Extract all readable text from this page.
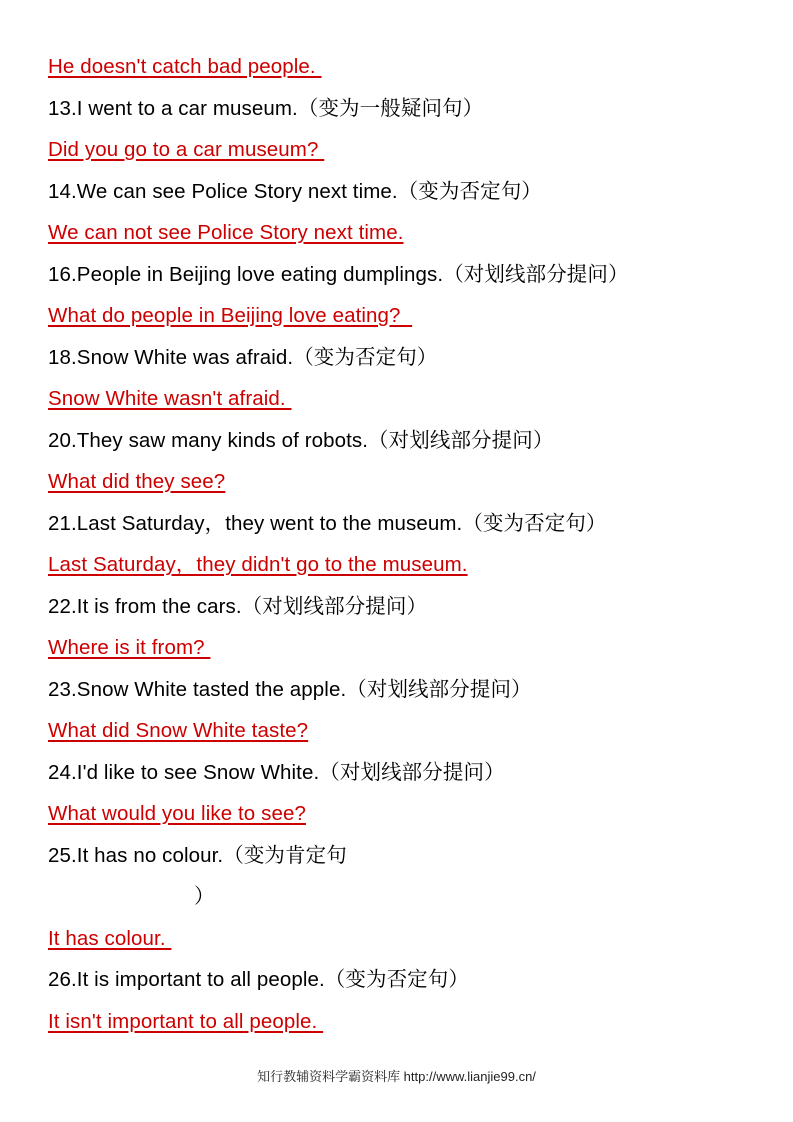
He doesn't catch bad people.
13.I went to a car museum.（变为一般疑问句）
Did you go to a car museum?
14.We can see Police Story next time.（变为否定句）
We can not see Police Story next time.
16.People in Beijing love eating dumplings.（对划线部分提问）
What do people in Beijing love eating?
18.Snow White was afraid.（变为否定句）
Snow White wasn't afraid.
20.They saw many kinds of robots.（对划线部分提问）
What did they see?
21.Last Saturday，they went to the museum.（变为否定句）
Last Saturday，they didn't go to the museum.
22.It is from the cars.（对划线部分提问）
Where is it from?
23.Snow White tasted the apple.（对划线部分提问）
What did Snow White taste?
24.I'd like to see Snow White.（对划线部分提问）
What would you like to see?
25.It has no colour.（变为肯定句
）
It has colour.
26.It is important to all people.（变为否定句）
It isn't important to all people.
知行教辅资料学霸资料库 http://www.lianjie99.cn/
